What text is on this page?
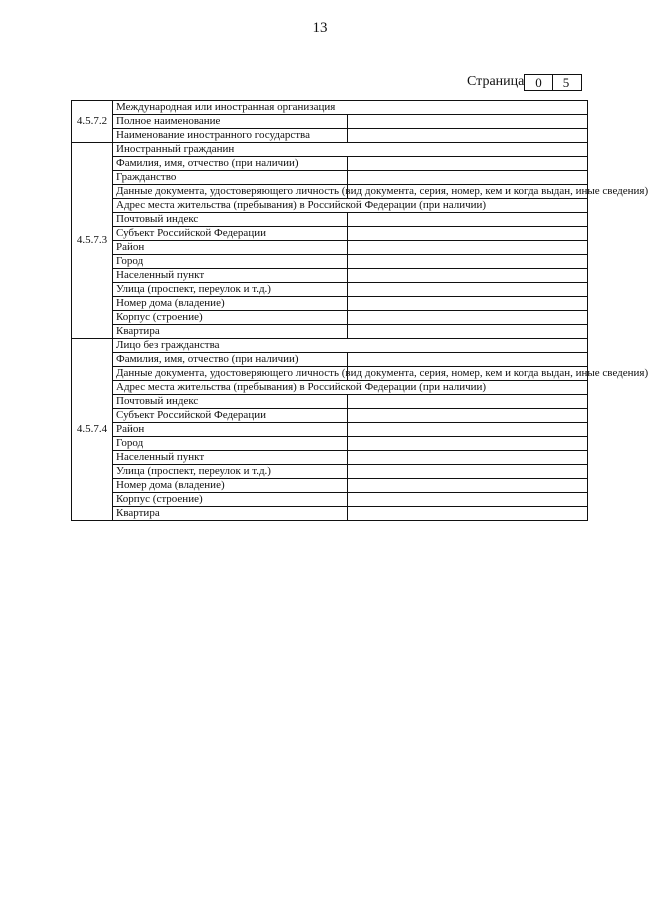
13
Страница 0	5
4.5.7.2	Международная или иностранная организация	
	Полное наименование	
	Наименование иностранного государства	
4.5.7.3	Иностранный гражданин	
	Фамилия, имя, отчество (при наличии)	
	Гражданство	
	Данные документа, удостоверяющего личность (вид документа, серия, номер, кем и когда выдан, иные сведения)	
	Адрес места жительства (пребывания) в Российской Федерации (при наличии)	
	Почтовый индекс	
	Субъект Российской Федерации	
	Район	
	Город	
	Населенный пункт	
	Улица (проспект, переулок и т.д.)	
	Номер дома (владение)	
	Корпус (строение)	
	Квартира	
4.5.7.4	Лицо без гражданства	
	Фамилия, имя, отчество (при наличии)	
	Данные документа, удостоверяющего личность (вид документа, серия, номер, кем и когда выдан, иные сведения)	
	Адрес места жительства (пребывания) в Российской Федерации (при наличии)	
	Почтовый индекс	
	Субъект Российской Федерации	
	Район	
	Город	
	Населенный пункт	
	Улица (проспект, переулок и т.д.)	
	Номер дома (владение)	
	Корпус (строение)	
	Квартира	
